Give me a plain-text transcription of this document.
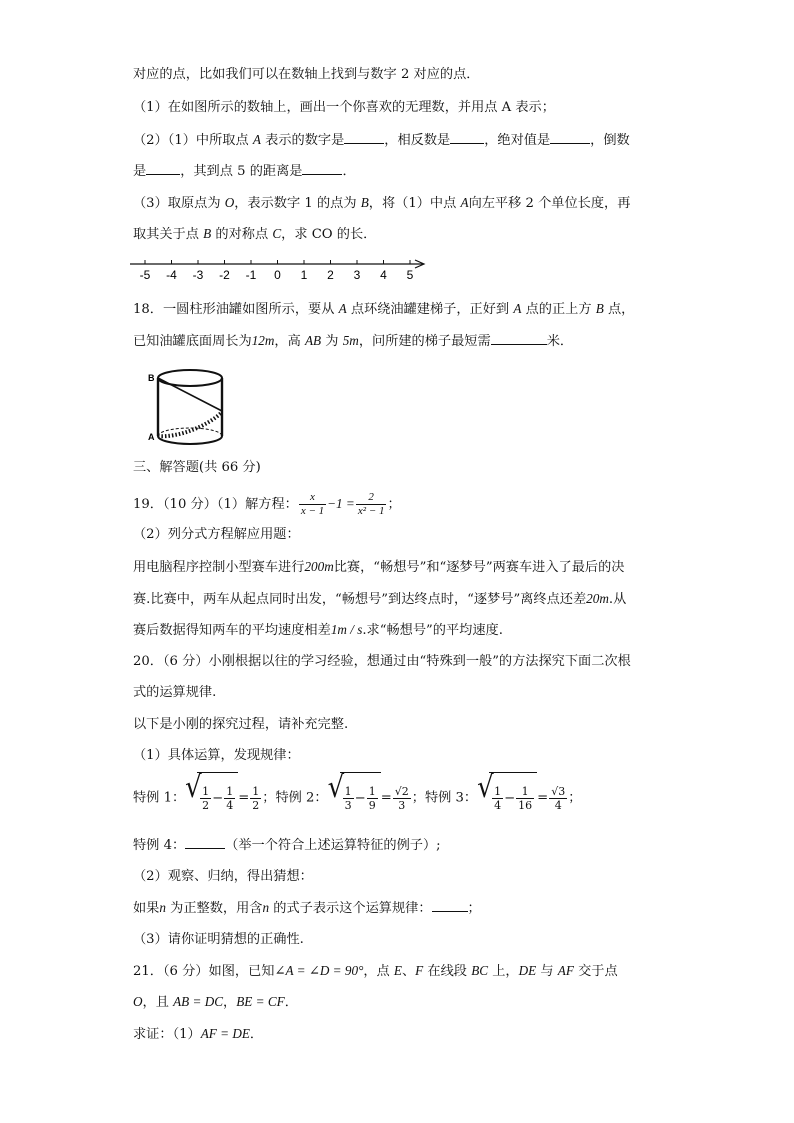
对应的点，比如我们可以在数轴上找到与数字 2 对应的点．
（1）在如图所示的数轴上，画出一个你喜欢的无理数，并用点 A 表示；
（2）（1）中所取点 A 表示的数字是	，相反数是	，绝对值是	，倒数
是	，其到点 5 的距离是	．
（3）取原点为 O，表示数字 1 的点为 B，将（1）中点 A向左平移 2 个单位长度，再
取其关于点 B 的对称点 C，求 CO 的长．
-5 -4 -3 -2 -1 0 1 2 3 4 5
18．一圆柱形油罐如图所示，要从 A 点环绕油罐建梯子，正好到 A 点的正上方 B 点，
已知油罐底面周长为12m，高 AB 为 5m，问所建的梯子最短需	米．
B
A
三、解答题(共 66 分)
19．（10 分）（1）解方程： $\frac{x}{x - 1} -1 = \frac{2}{\text{x² − 1}}$ ；
（2）列分式方程解应用题：
用电脑程序控制小型赛车进行200m比赛，“畅想号”和“逐梦号”两赛车进入了最后的决
赛.比赛中，两车从起点同时出发，“畅想号”到达终点时，“逐梦号”离终点还差20m.从
赛后数据得知两车的平均速度相差1m / s.求“畅想号”的平均速度.
20．（6 分）小刚根据以往的学习经验，想通过由“特殊到一般”的方法探究下面二次根
式的运算规律.
以下是小刚的探究过程，请补充完整.
（1）具体运算，发现规律：
特例 1： √ $\frac{1}{2} - \frac{1}{4} = \frac{1}{2}$ ；特例 2： √ $\frac{1}{3} - \frac{1}{9} = \frac{√2}{3}$ ；特例 3： √ $\frac{1}{4} - \frac{1}{16} = \frac{√3}{4}$ ；
特例 4：	（举一个符合上述运算特征的例子）;
（2）观察、归纳，得出猜想：
如果n 为正整数，用含n 的式子表示这个运算规律：	；
（3）请你证明猜想的正确性.
21．（6 分）如图，已知∠A = ∠D = 90°，点 E、F 在线段 BC 上，DE 与 AF 交于点
O，且 AB = DC，BE = CF．
求证：（1）AF = DE．
